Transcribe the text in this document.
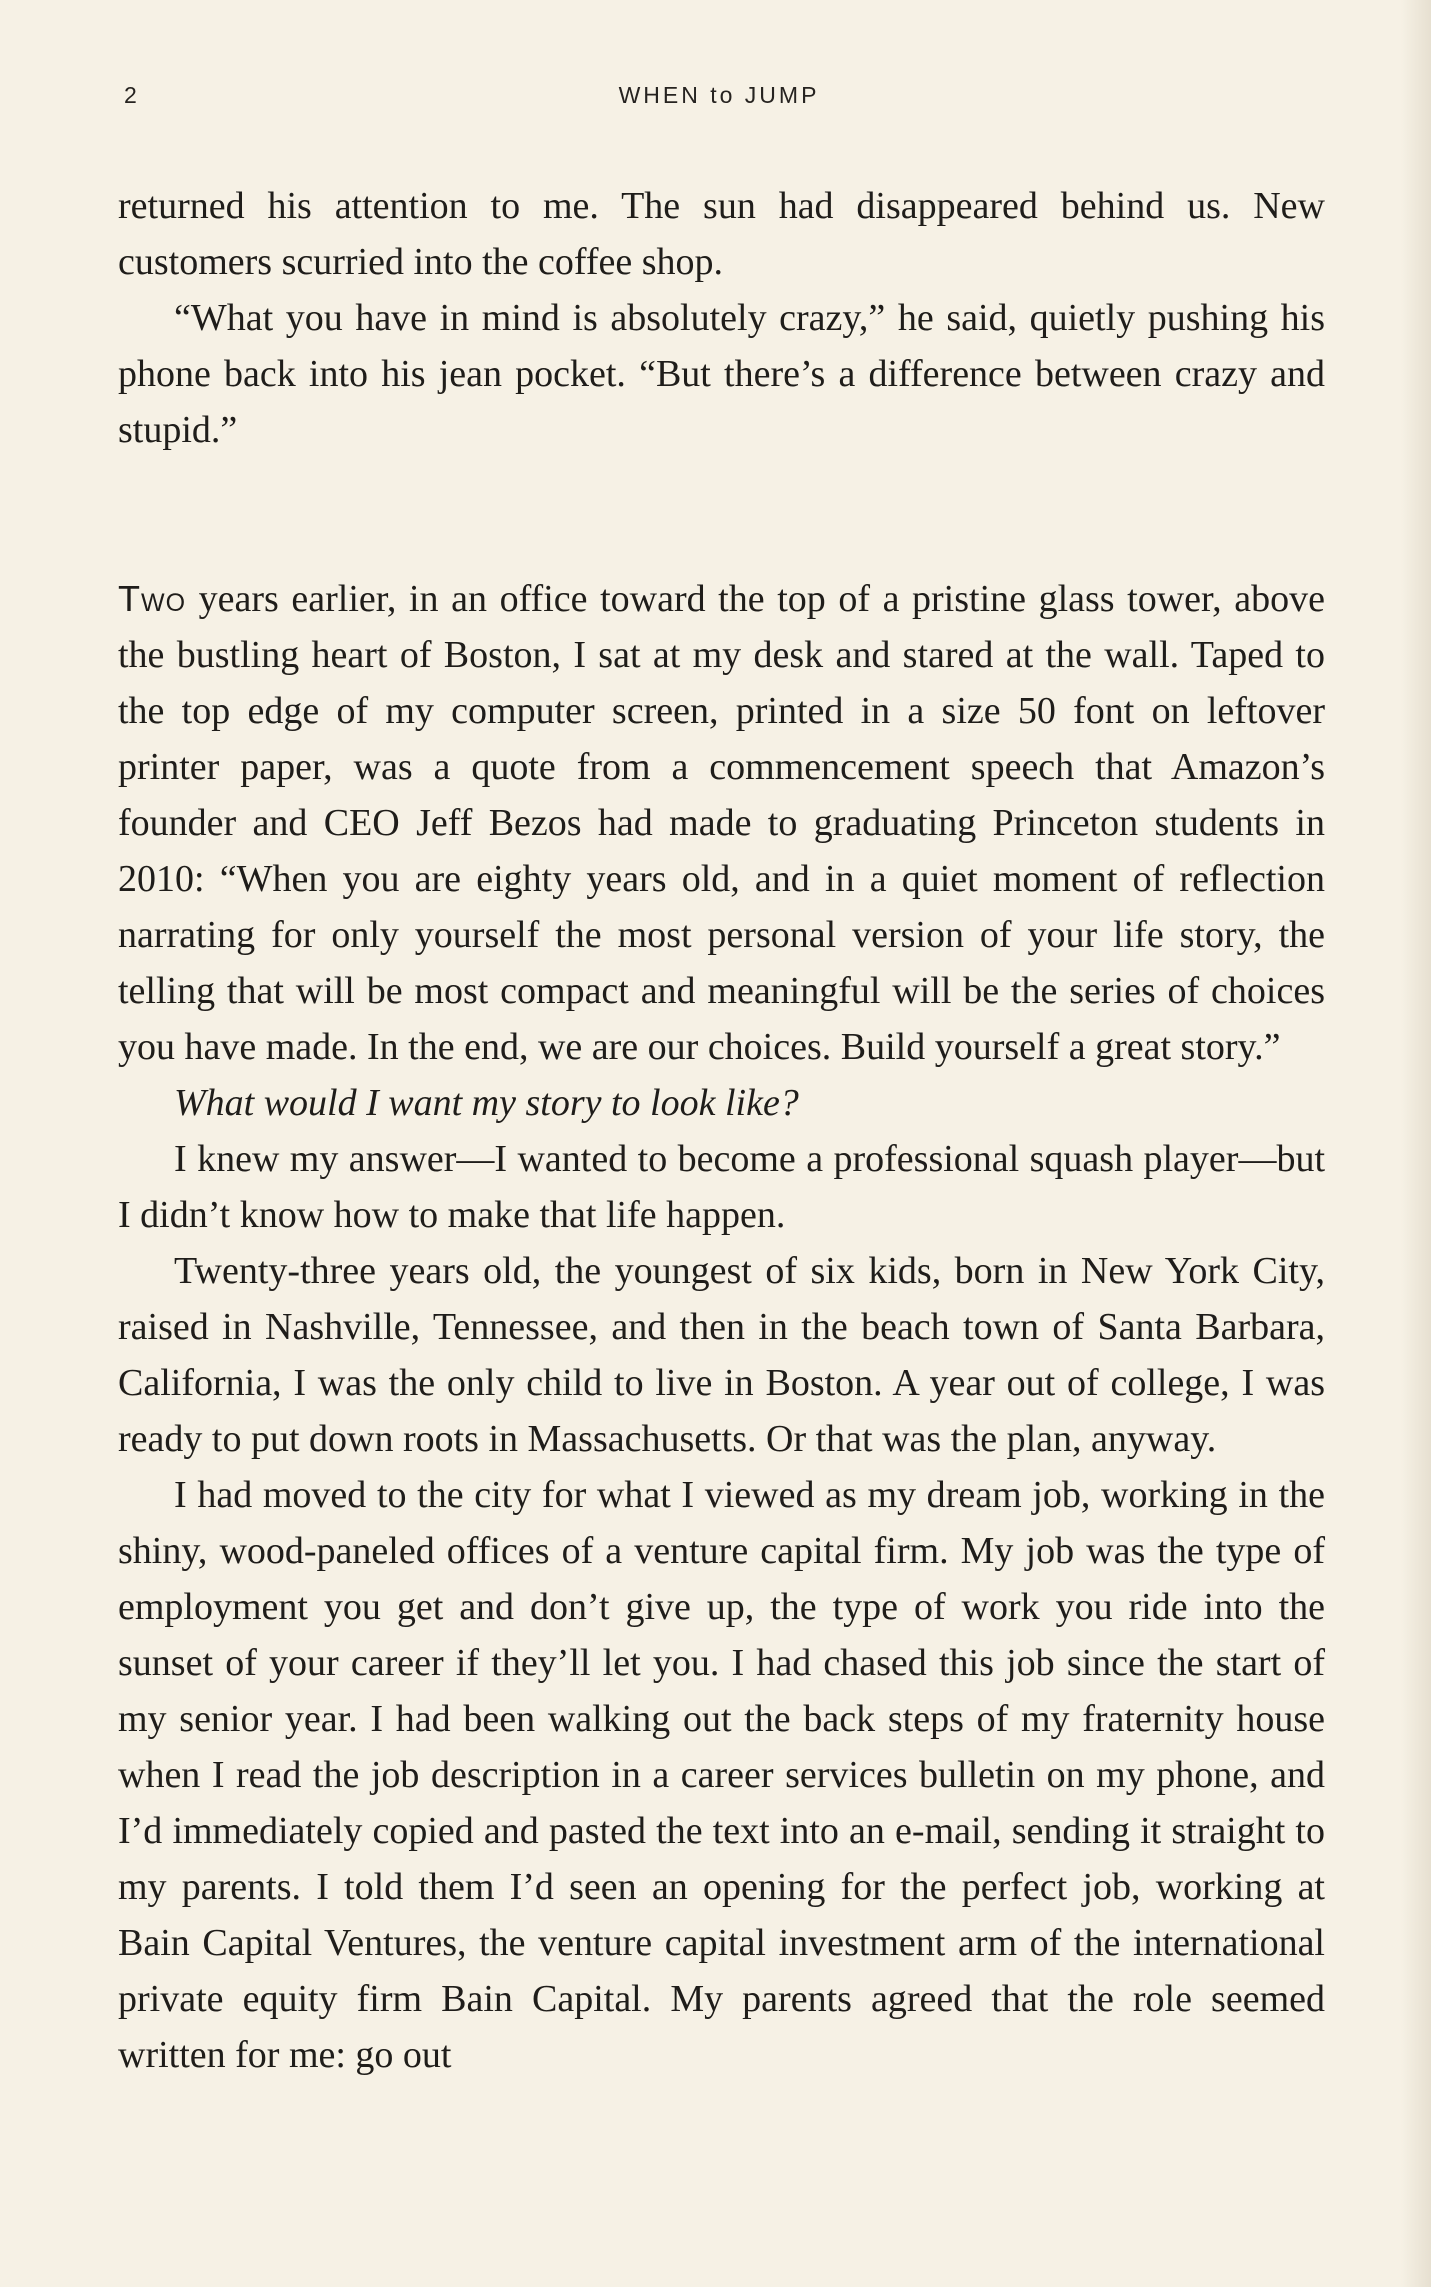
2	WHEN to JUMP

returned his attention to me. The sun had disappeared behind us. New customers scurried into the coffee shop.

“What you have in mind is absolutely crazy,” he said, quietly pushing his phone back into his jean pocket. “But there’s a difference between crazy and stupid.”

Two years earlier, in an office toward the top of a pristine glass tower, above the bustling heart of Boston, I sat at my desk and stared at the wall. Taped to the top edge of my computer screen, printed in a size 50 font on leftover printer paper, was a quote from a commencement speech that Amazon’s founder and CEO Jeff Bezos had made to graduating Princeton students in 2010: “When you are eighty years old, and in a quiet moment of reflection narrating for only yourself the most personal version of your life story, the telling that will be most compact and meaningful will be the series of choices you have made. In the end, we are our choices. Build yourself a great story.”

What would I want my story to look like?

I knew my answer—I wanted to become a professional squash player—but I didn’t know how to make that life happen.

Twenty-three years old, the youngest of six kids, born in New York City, raised in Nashville, Tennessee, and then in the beach town of Santa Barbara, California, I was the only child to live in Boston. A year out of college, I was ready to put down roots in Massachusetts. Or that was the plan, anyway.

I had moved to the city for what I viewed as my dream job, working in the shiny, wood-paneled offices of a venture capital firm. My job was the type of employment you get and don’t give up, the type of work you ride into the sunset of your career if they’ll let you. I had chased this job since the start of my senior year. I had been walking out the back steps of my fraternity house when I read the job description in a career services bulletin on my phone, and I’d immediately copied and pasted the text into an e-mail, sending it straight to my parents. I told them I’d seen an opening for the perfect job, working at Bain Capital Ventures, the venture capital investment arm of the international private equity firm Bain Capital. My parents agreed that the role seemed written for me: go out
